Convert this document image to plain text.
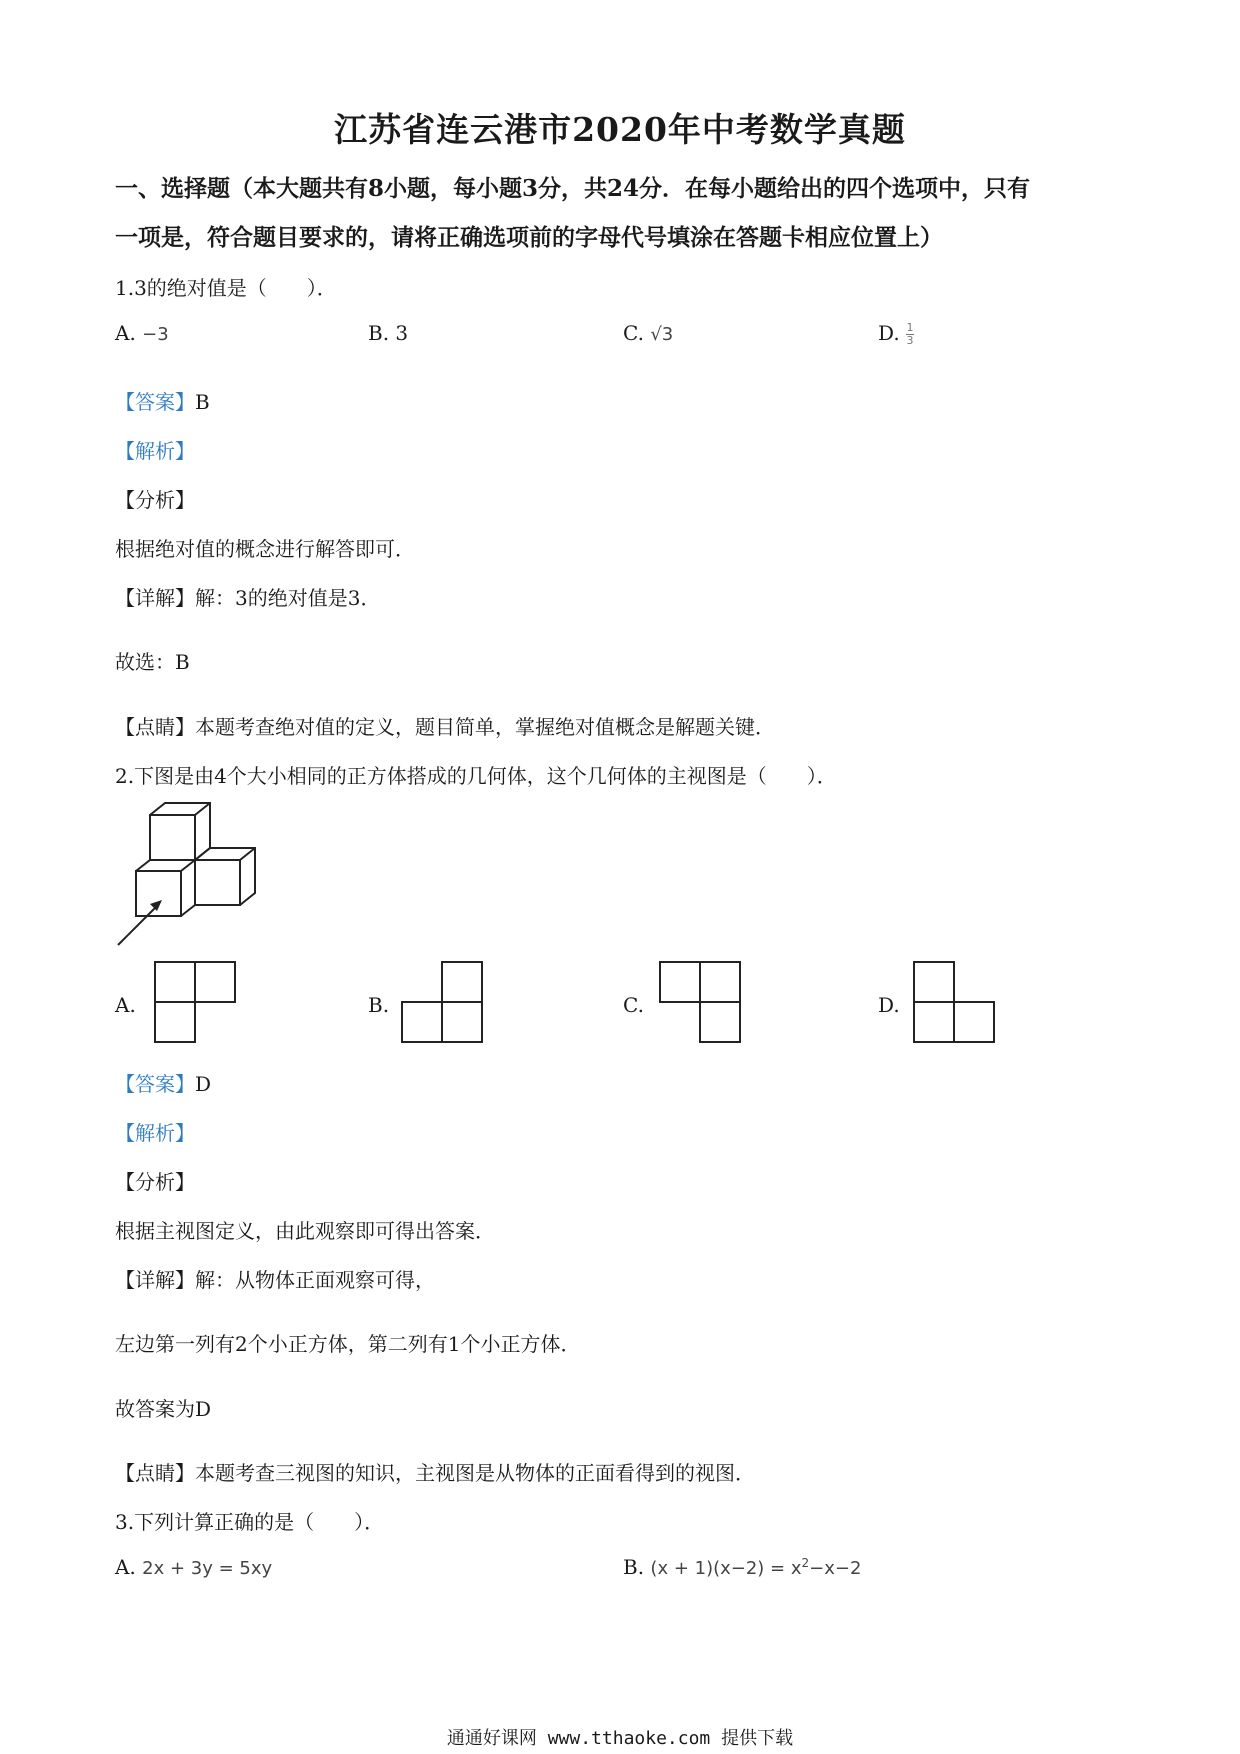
江苏省连云港市2020年中考数学真题
一、选择题（本大题共有8小题，每小题3分，共24分．在每小题给出的四个选项中，只有
一项是，符合题目要求的，请将正确选项前的字母代号填涂在答题卡相应位置上）
1.3的绝对值是（　　）．
A. −3	B. 3	C. √3	D. $\frac{1}{3}$
【答案】B
【解析】
【分析】
根据绝对值的概念进行解答即可．
【详解】解：3的绝对值是3．
故选：B
【点睛】本题考查绝对值的定义，题目简单，掌握绝对值概念是解题关键．
2.下图是由4个大小相同的正方体搭成的几何体，这个几何体的主视图是（　　）．
A.	B.	C.	D.
【答案】D
【解析】
【分析】
根据主视图定义，由此观察即可得出答案．
【详解】解：从物体正面观察可得，
左边第一列有2个小正方体，第二列有1个小正方体．
故答案为D
【点睛】本题考查三视图的知识，主视图是从物体的正面看得到的视图．
3.下列计算正确的是（　　）．
A. 2x + 3y = 5xy	B. $(x + 1)(x-2) = x^2-x-2$
通通好课网 www.tthaoke.com 提供下载
